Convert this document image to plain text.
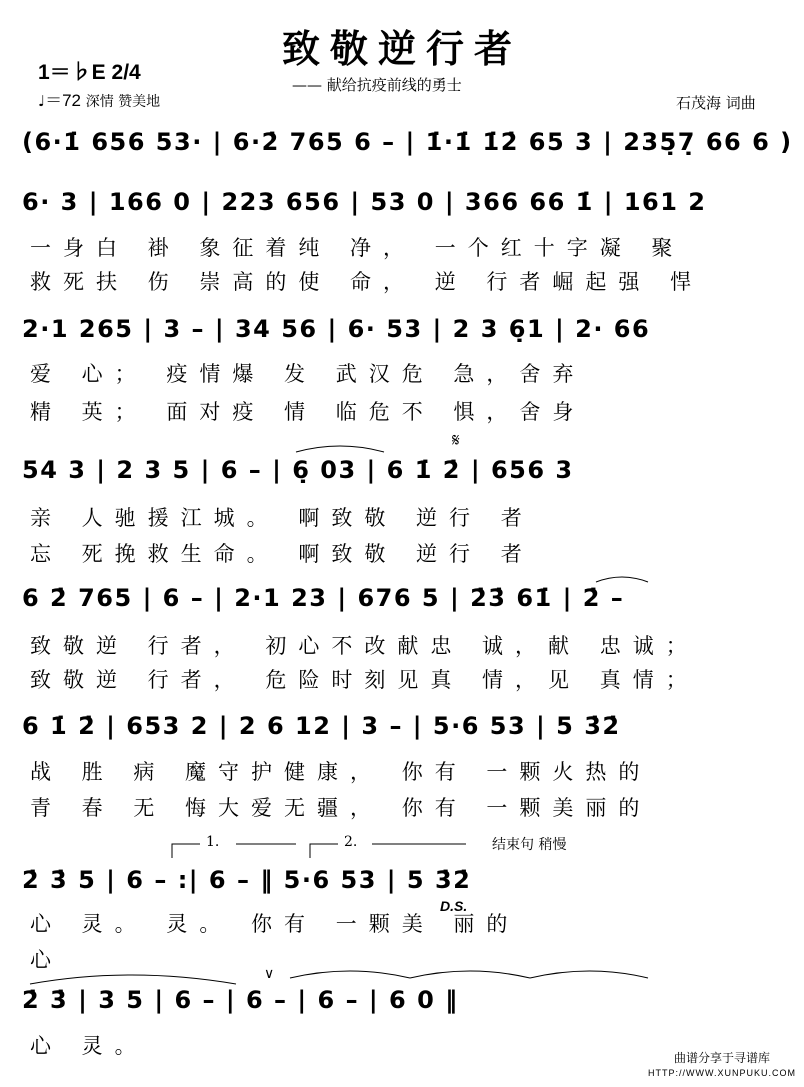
致敬逆行者
—— 献给抗疫前线的勇士
1＝♭E 2/4
♩＝72 深情 赞美地	石茂海 词曲
(6·1̇ 656 53· | 6·2̇ 765 6 – | 1̇·1̇ 1̇2̇ 65 3 | 235̣7̣ 66 6 )
6· 3 | 166 0 | 223 656 | 53 0 | 366 66 1̇ | 161 2
一身白 褂 象征着纯 净， 一个红十字凝 聚
救死扶 伤 崇高的使 命， 逆 行者崛起强 悍
2·1 265 | 3 – | 34 56 | 6· 53 | 2 3 6̣1 | 2· 66
爱 心； 疫情爆 发 武汉危 急，舍弃
精 英； 面对疫 情 临危不 惧，舍身
𝄋
54 3 | 2 3 5 | 6 – | 6̣ 03 | 6 1̇ 2̇ | 656 3
亲 人驰援江城。 啊致敬 逆行 者
忘 死挽救生命。 啊致敬 逆行 者
6 2̇ 765 | 6 – | 2·1 23 | 676 5 | 2̇3̇ 61̇ | 2̇ –
致敬逆 行者， 初心不改献忠 诚，献 忠诚；
致敬逆 行者， 危险时刻见真 情，见 真情；
6 1̇ 2̇ | 653 2 | 2 6 12 | 3 – | 5·6 53 | 5 3̇2̇
战 胜 病 魔守护健康， 你有 一颗火热的
青 春 无 悔大爱无疆， 你有 一颗美丽的
1.	2.	结束句 稍慢
2̇ 3̇ 5 | 6 – :| 6 – ‖ 5·6 53 | 5 3̇2̇
D.S.
心 灵。 灵。 你有 一颗美 丽的
心
∨
2̇ 3̇ | 3 5 | 6 – | 6 – | 6 – | 6 0 ‖
心 灵。	曲谱分享于寻谱库
HTTP://WWW.XUNPUKU.COM
